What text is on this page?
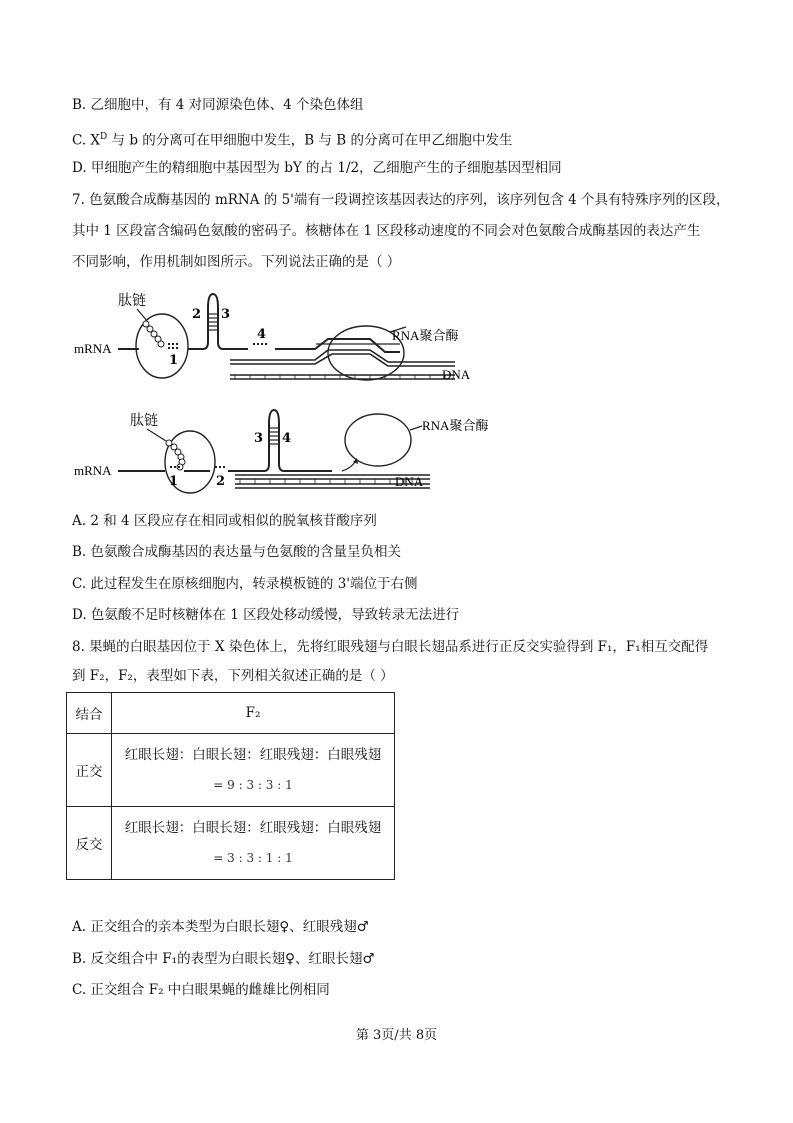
B. 乙细胞中，有 4 对同源染色体、4 个染色体组
C. $X^D$ 与 b 的分离可在甲细胞中发生，B 与 B 的分离可在甲乙细胞中发生
D. 甲细胞产生的精细胞中基因型为 bY 的占 1/2，乙细胞产生的子细胞基因型相同
7. 色氨酸合成酶基因的 mRNA 的 5'端有一段调控该基因表达的序列，该序列包含 4 个具有特殊序列的区段，
其中 1 区段富含编码色氨酸的密码子。核糖体在 1 区段移动速度的不同会对色氨酸合成酶基因的表达产生
不同影响，作用机制如图所示。下列说法正确的是（ ）
肽链
mRNA
1
2 3
4	RNA聚合酶
DNA
肽链
mRNA
1	2
3 4
RNA聚合酶
DNA
A. 2 和 4 区段应存在相同或相似的脱氧核苷酸序列
B. 色氨酸合成酶基因的表达量与色氨酸的含量呈负相关
C. 此过程发生在原核细胞内，转录模板链的 3'端位于右侧
D. 色氨酸不足时核糖体在 1 区段处移动缓慢，导致转录无法进行
8. 果蝇的白眼基因位于 X 染色体上，先将红眼残翅与白眼长翅品系进行正反交实验得到 F₁，F₁相互交配得
到 F₂，F₂，表型如下表，下列相关叙述正确的是（ ）
结合	F₂
正交	红眼长翅：白眼长翅：红眼残翅：白眼残翅
= 9 : 3 : 3 : 1

反交	红眼长翅：白眼长翅：红眼残翅：白眼残翅
= 3 : 3 : 1 : 1
A. 正交组合的亲本类型为白眼长翅♀、红眼残翅♂
B. 反交组合中 F₁的表型为白眼长翅♀、红眼长翅♂
C. 正交组合 F₂ 中白眼果蝇的雌雄比例相同
第 3页/共 8页
